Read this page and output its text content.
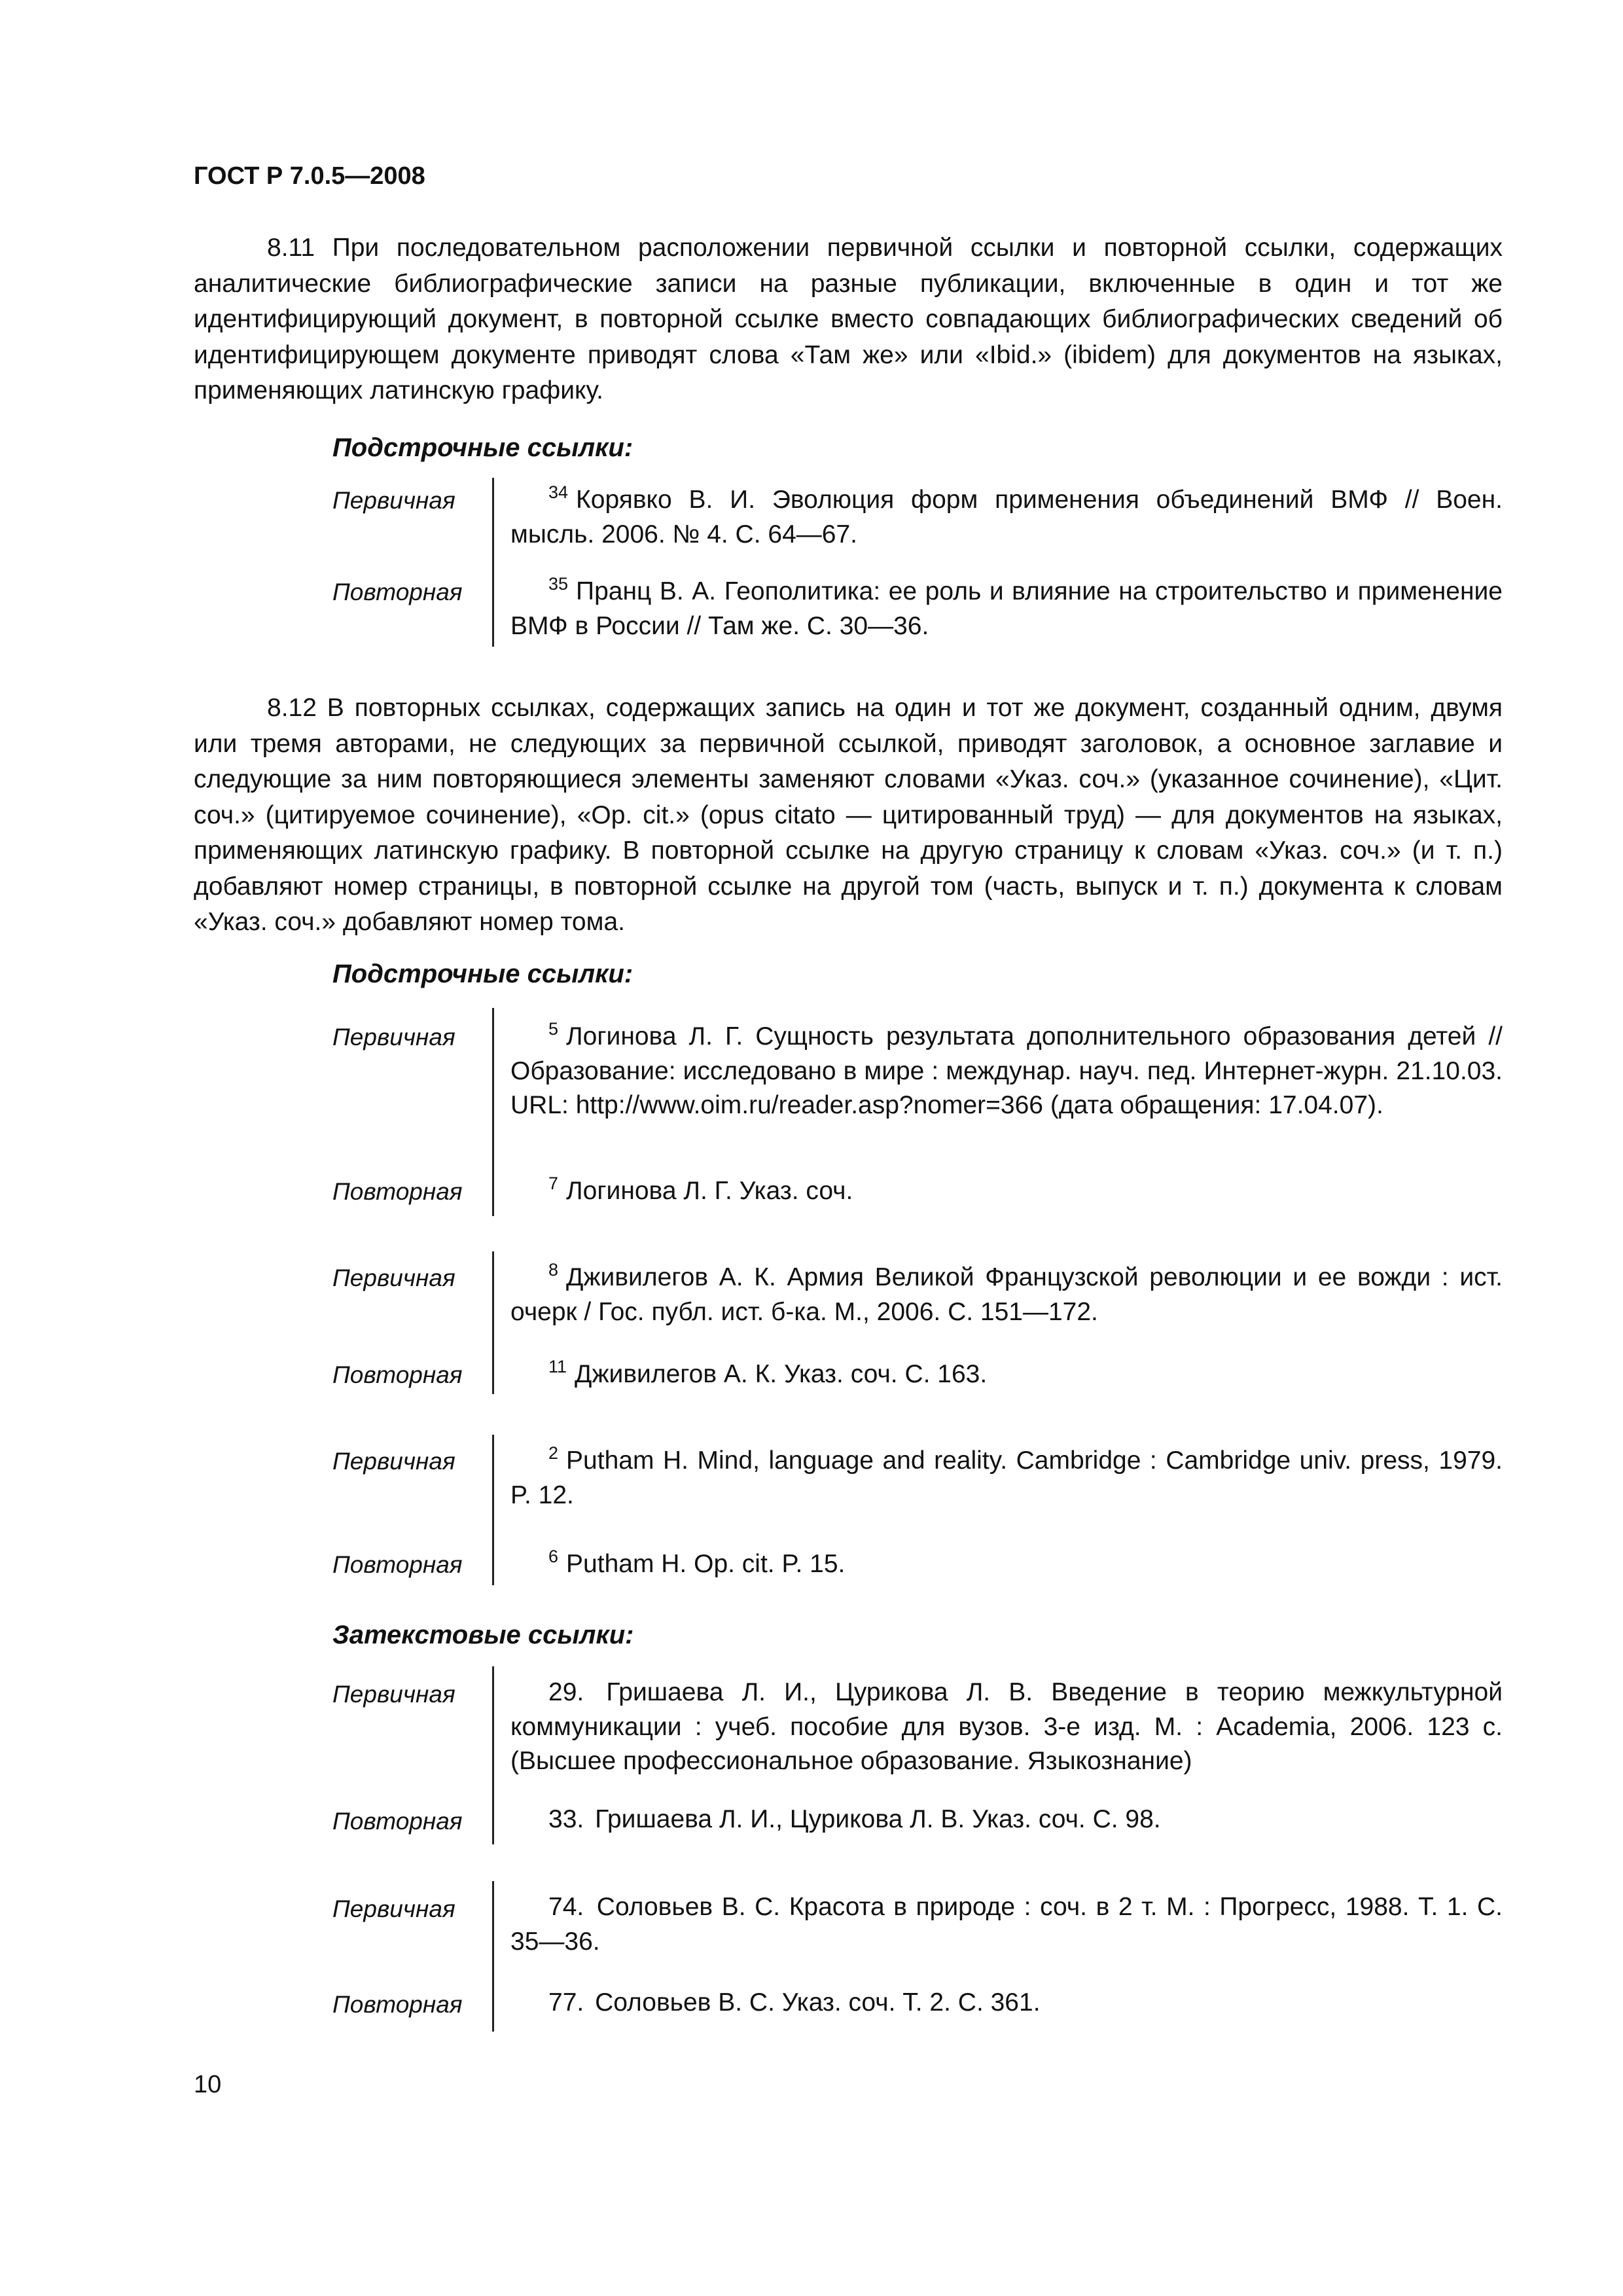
ГОСТ Р 7.0.5—2008

8.11 При последовательном расположении первичной ссылки и повторной ссылки, содержащих аналитические библиографические записи на разные публикации, включенные в один и тот же идентифицирующий документ, в повторной ссылке вместо совпадающих библиографических сведений об идентифицирующем документе приводят слова «Там же» или «Ibid.» (ibidem) для документов на языках, применяющих латинскую графику.

Подстрочные ссылки:
Первичная	$^{34}$ Корявко В. И. Эволюция форм применения объединений ВМФ // Воен. мысль. 2006. № 4. С. 64—67.

Повторная	$^{35}$ Пранц В. А. Геополитика: ее роль и влияние на строительство и применение ВМФ в России // Там же. С. 30—36.

8.12 В повторных ссылках, содержащих запись на один и тот же документ, созданный одним, двумя или тремя авторами, не следующих за первичной ссылкой, приводят заголовок, а основное заглавие и следующие за ним повторяющиеся элементы заменяют словами «Указ. соч.» (указанное сочинение), «Цит. соч.» (цитируемое сочинение), «Op. cit.» (opus citato — цитированный труд) — для документов на языках, применяющих латинскую графику. В повторной ссылке на другую страницу к словам «Указ. соч.» (и т. п.) добавляют номер страницы, в повторной ссылке на другой том (часть, выпуск и т. п.) документа к словам «Указ. соч.» добавляют номер тома.

Подстрочные ссылки:
Первичная	$^5$ Логинова Л. Г. Сущность результата дополнительного образования детей // Образование: исследовано в мире : междунар. науч. пед. Интернет-журн. 21.10.03. URL: http://www.oim.ru/reader.asp?nomer=366 (дата обращения: 17.04.07).

Повторная	$^7$ Логинова Л. Г. Указ. соч.

Первичная	$^8$ Дживилегов А. К. Армия Великой Французской революции и ее вожди : ист. очерк / Гос. публ. ист. б-ка. М., 2006. С. 151—172.

Повторная	$^{11}$ Дживилегов А. К. Указ. соч. С. 163.

Первичная	$^2$ Putham H. Mind, language and reality. Cambridge : Cambridge univ. press, 1979. P. 12.

Повторная	$^6$ Putham H. Op. cit. P. 15.

Затекстовые ссылки:
Первичная	29. Гришаева Л. И., Цурикова Л. В. Введение в теорию межкультурной коммуникации : учеб. пособие для вузов. 3-е изд. М. : Academia, 2006. 123 с. (Высшее профессиональное образование. Языкознание)

Повторная	33. Гришаева Л. И., Цурикова Л. В. Указ. соч. С. 98.

Первичная	74. Соловьев В. С. Красота в природе : соч. в 2 т. М. : Прогресс, 1988. Т. 1. С. 35—36.

Повторная	77. Соловьев В. С. Указ. соч. Т. 2. С. 361.

10
